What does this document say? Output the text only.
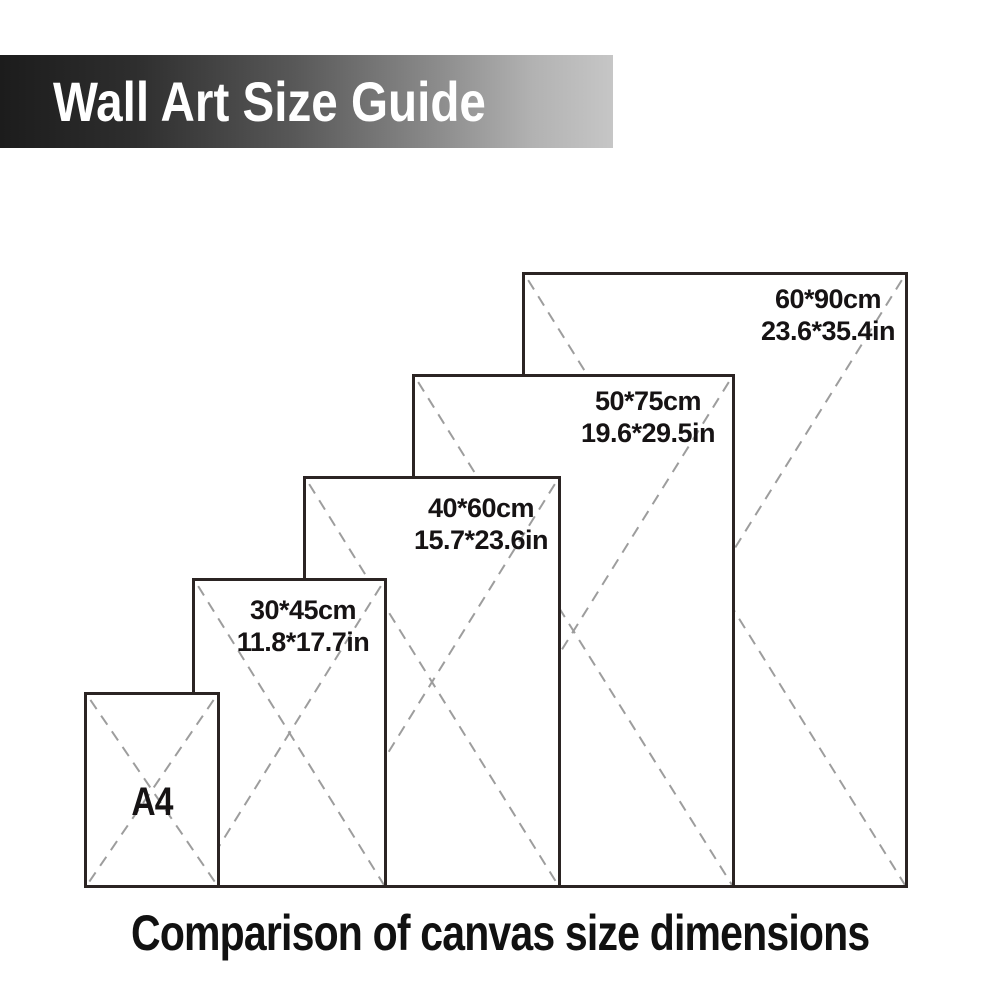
Wall Art Size Guide
60*90cm
23.6*35.4in
50*75cm
19.6*29.5in
40*60cm
15.7*23.6in
30*45cm
11.8*17.7in
A4
Comparison of canvas size dimensions
